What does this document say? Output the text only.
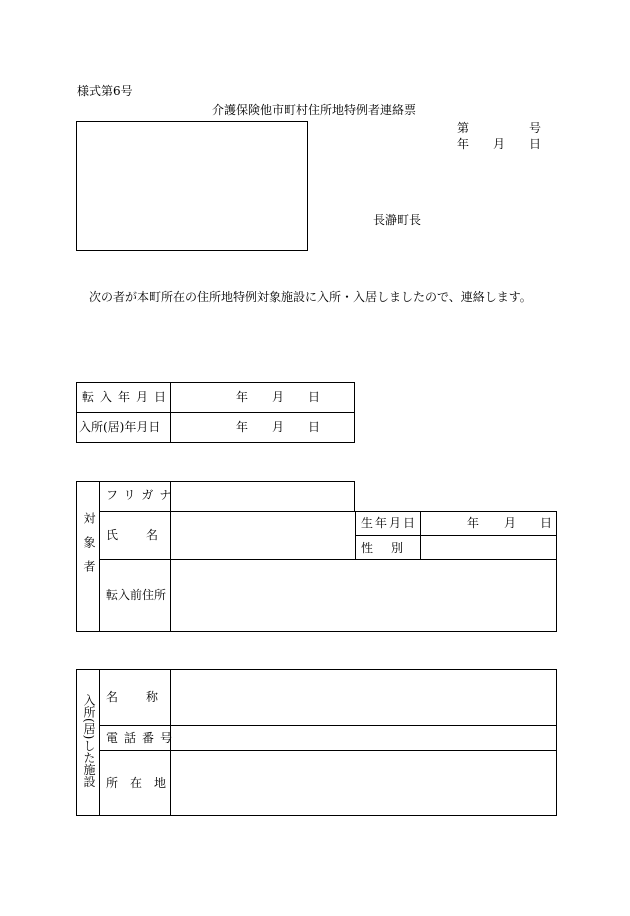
様式第6号
介護保険他市町村住所地特例者連絡票
第	号
年 月 日
長瀞町長
次の者が本町所在の住所地特例対象施設に入所・入居しましたので、連絡します。
転入年月日
入所(居)年月日
年 月 日
年 月 日
対象者
フリガナ
氏名
生年月日
性別
年 月 日
転入前住所
入所(居)した施設 名称
電話番号
所在地
